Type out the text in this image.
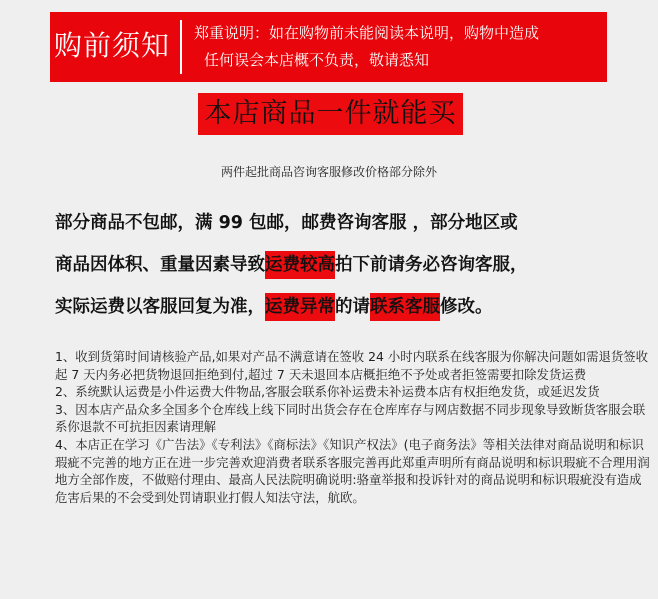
购前须知 郑重说明：如在购物前未能阅读本说明，购物中造成
任何误会本店概不负责，敬请悉知
本店商品一件就能买
两件起批商品咨询客服修改价格部分除外
部分商品不包邮，满 99 包邮，邮费咨询客服 ，部分地区或
商品因体积、重量因素导致运费较高拍下前请务必咨询客服，
实际运费以客服回复为准，运费异常的请联系客服修改。

1、收到货第时间请核验产品,如果对产品不满意请在签收 24 小时内联系在线客服为你解决问题如需退货签收起 7 天内务必把货物退回拒绝到付,超过 7 天未退回本店概拒绝不予处或者拒签需要扣除发货运费

2、系统默认运费是小件运费大件物品,客服会联系你补运费未补运费本店有权拒绝发货，或延迟发货

3、因本店产品众多全国多个仓库线上线下同时出货会存在仓库库存与网店数据不同步现象导致断货客服会联系你退款不可抗拒因素请理解

4、本店正在学习《广告法》《专利法》《商标法》《知识产权法》(电子商务法》等相关法律对商品说明和标识瑕疵不完善的地方正在进一步完善欢迎消费者联系客服完善再此郑重声明所有商品说明和标识瑕疵不合理用润地方全部作废，不做赔付理由、最高人民法院明确说明:骆童举报和投诉针对的商品说明和标识瑕疵没有造成危害后果的不会受到处罚请职业打假人知法守法，航欧。
